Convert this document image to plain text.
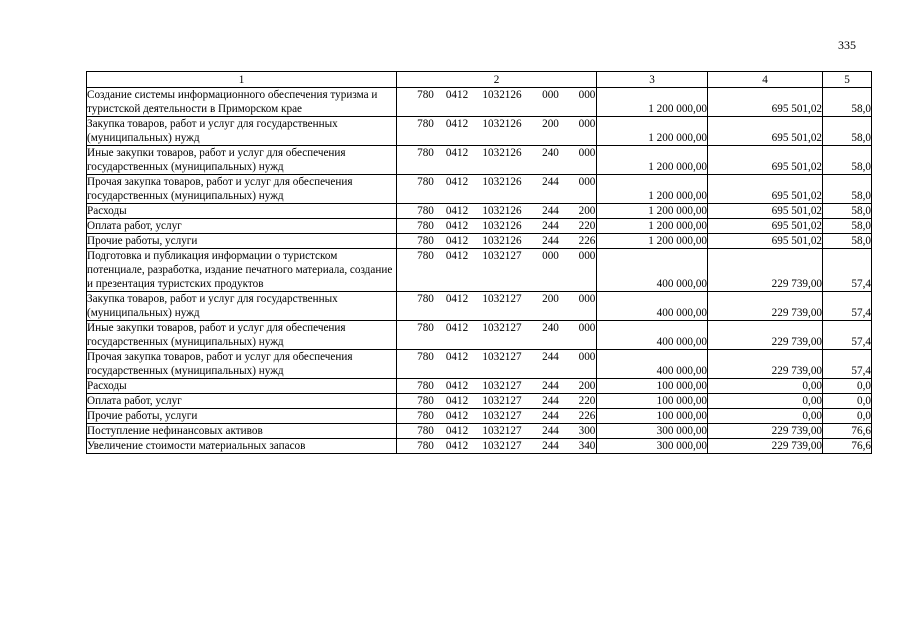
335
1	2	3	4	5
Создание системы информационного обеспечения туризма и туристской деятельности в Приморском крае	780 0412 1032126 000 000	1 200 000,00	695 501,02	58,0
Закупка товаров, работ и услуг для государственных (муниципальных) нужд	780 0412 1032126 200 000	1 200 000,00	695 501,02	58,0
Иные закупки товаров, работ и услуг для обеспечения государственных (муниципальных) нужд	780 0412 1032126 240 000	1 200 000,00	695 501,02	58,0
Прочая закупка товаров, работ и услуг для обеспечения государственных (муниципальных) нужд	780 0412 1032126 244 000	1 200 000,00	695 501,02	58,0
Расходы	780 0412 1032126 244 200	1 200 000,00	695 501,02	58,0
Оплата работ, услуг	780 0412 1032126 244 220	1 200 000,00	695 501,02	58,0
Прочие работы, услуги	780 0412 1032126 244 226	1 200 000,00	695 501,02	58,0
Подготовка и публикация информации о туристском потенциале, разработка, издание печатного материала, создание и презентация туристских продуктов	780 0412 1032127 000 000	400 000,00	229 739,00	57,4
Закупка товаров, работ и услуг для государственных (муниципальных) нужд	780 0412 1032127 200 000	400 000,00	229 739,00	57,4
Иные закупки товаров, работ и услуг для обеспечения государственных (муниципальных) нужд	780 0412 1032127 240 000	400 000,00	229 739,00	57,4
Прочая закупка товаров, работ и услуг для обеспечения государственных (муниципальных) нужд	780 0412 1032127 244 000	400 000,00	229 739,00	57,4
Расходы	780 0412 1032127 244 200	100 000,00	0,00	0,0
Оплата работ, услуг	780 0412 1032127 244 220	100 000,00	0,00	0,0
Прочие работы, услуги	780 0412 1032127 244 226	100 000,00	0,00	0,0
Поступление нефинансовых активов	780 0412 1032127 244 300	300 000,00	229 739,00	76,6
Увеличение стоимости материальных запасов	780 0412 1032127 244 340	300 000,00	229 739,00	76,6
